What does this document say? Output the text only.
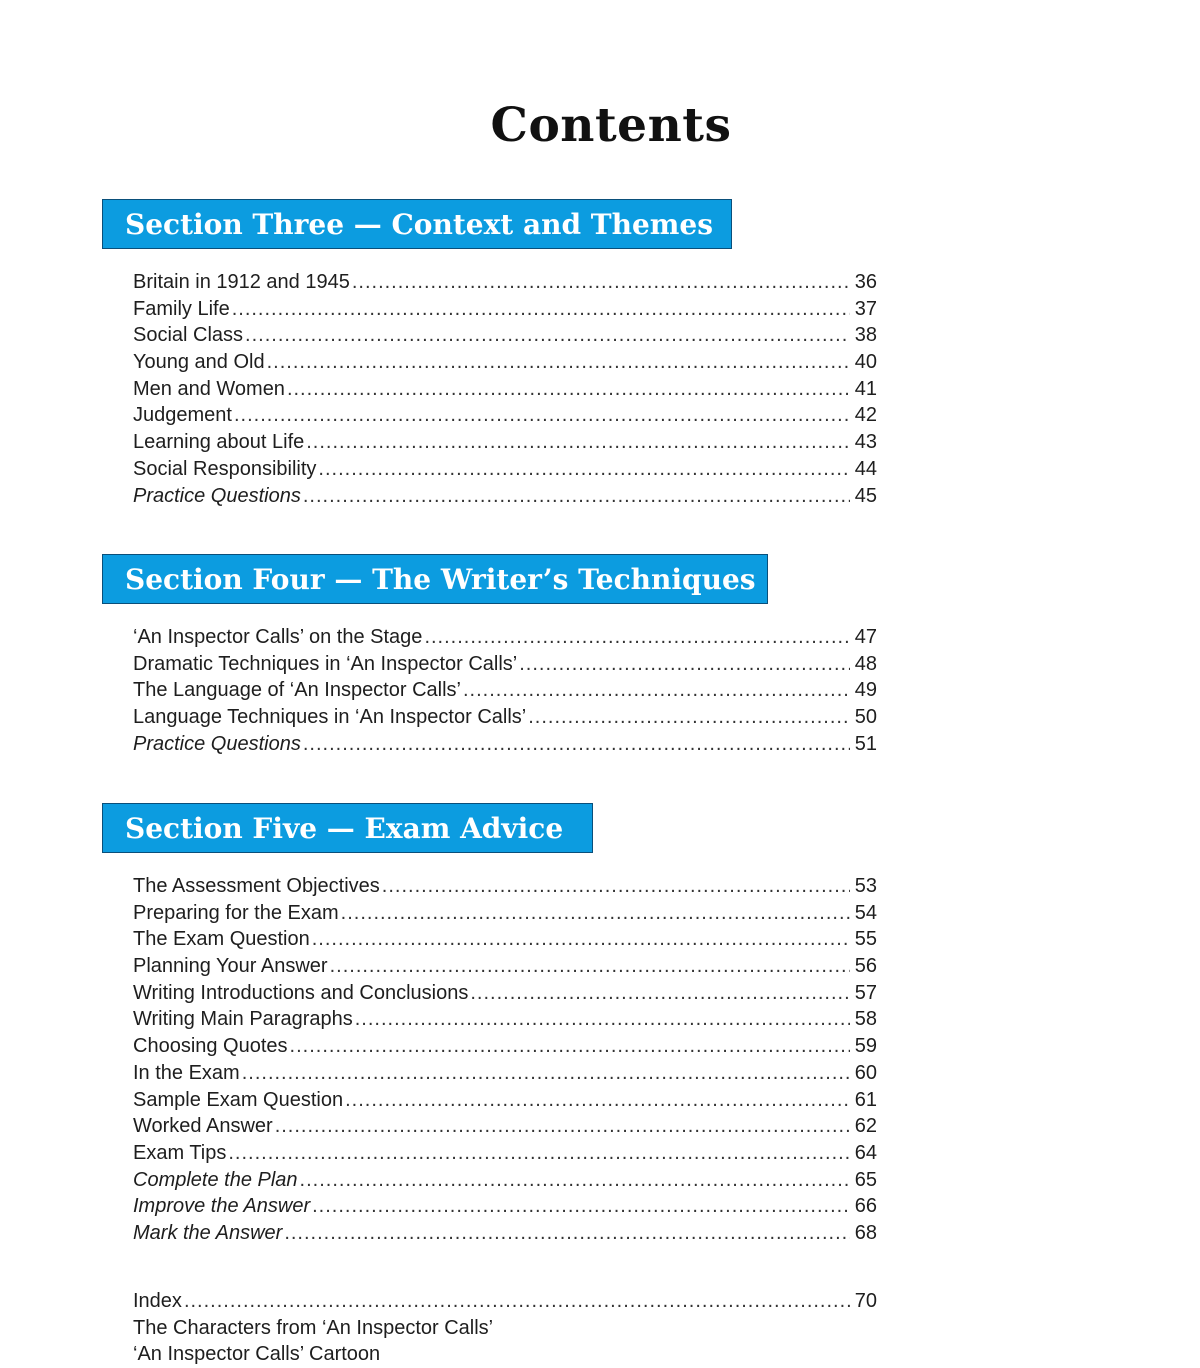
Contents
Section Three — Context and Themes
Britain in 1912 and 1945 .....	36
Family Life .....	37
Social Class .....	38
Young and Old .....	40
Men and Women .....	41
Judgement .....	42
Learning about Life .....	43
Social Responsibility .....	44
Practice Questions .....	45
Section Four — The Writer’s Techniques
‘An Inspector Calls’ on the Stage .....	47
Dramatic Techniques in ‘An Inspector Calls’ .....	48
The Language of ‘An Inspector Calls’ .....	49
Language Techniques in ‘An Inspector Calls’ .....	50
Practice Questions .....	51
Section Five — Exam Advice
The Assessment Objectives .....	53
Preparing for the Exam .....	54
The Exam Question .....	55
Planning Your Answer .....	56
Writing Introductions and Conclusions .....	57
Writing Main Paragraphs .....	58
Choosing Quotes .....	59
In the Exam .....	60
Sample Exam Question .....	61
Worked Answer .....	62
Exam Tips .....	64
Complete the Plan .....	65
Improve the Answer .....	66
Mark the Answer .....	68
Index .....	70
The Characters from ‘An Inspector Calls’
‘An Inspector Calls’ Cartoon
